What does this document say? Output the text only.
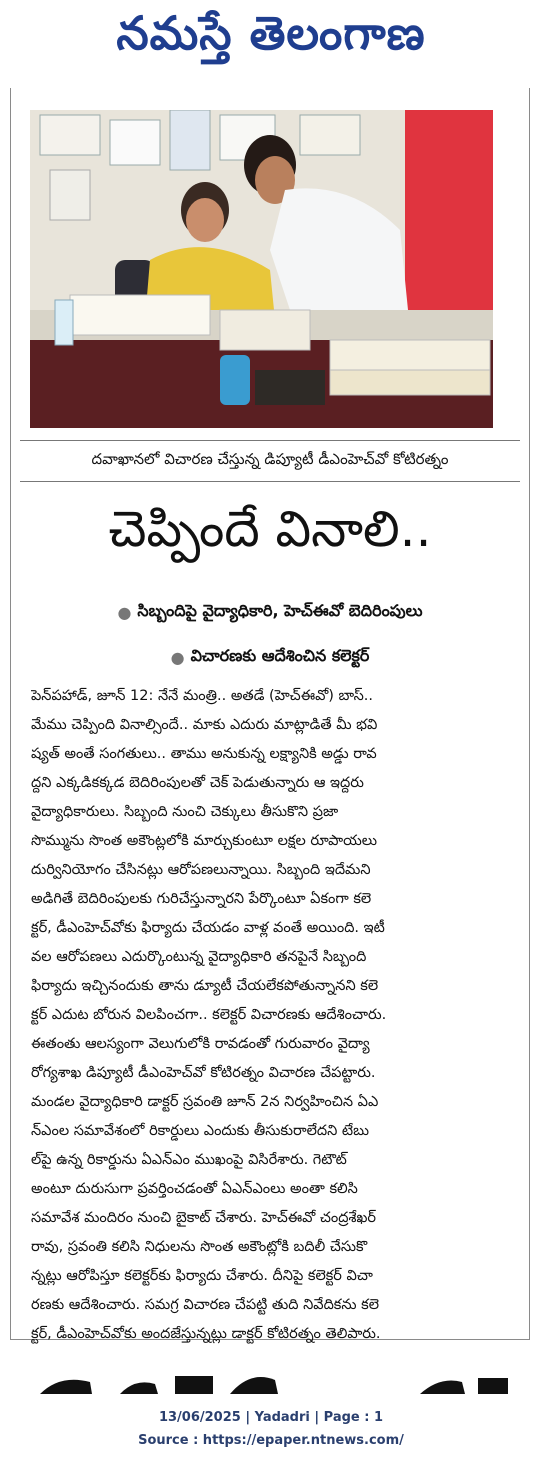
నమస్తే తెలంగాణ
దవాఖానలో విచారణ చేస్తున్న డిప్యూటీ డీఎంహెచ్‌వో కోటిరత్నం
చెప్పిందే వినాలి..
● సిబ్బందిపై వైద్యాధికారి, హెచ్‌ఈవో బెదిరింపులు
● విచారణకు ఆదేశించిన కలెక్టర్
పెన్‌పహాడ్, జూన్ 12: నేనే మంత్రి.. అతడే (హెచ్‌ఈవో) బాస్..
మేము చెప్పింది వినాల్సిందే.. మాకు ఎదురు మాట్లాడితే మీ భవి
ష్యత్ అంతే సంగతులు.. తాము అనుకున్న లక్ష్యానికి అడ్డు రావ
ద్దని ఎక్కడికక్కడ బెదిరింపులతో చెక్ పెడుతున్నారు ఆ ఇద్దరు
వైద్యాధికారులు. సిబ్బంది నుంచి చెక్కులు తీసుకొని ప్రజా
సొమ్మును సొంత అకౌంట్లలోకి మార్చుకుంటూ లక్షల రూపాయలు
దుర్వినియోగం చేసినట్లు ఆరోపణలున్నాయి. సిబ్బంది ఇదేమని
అడిగితే బెదిరింపులకు గురిచేస్తున్నారని పేర్కొంటూ ఏకంగా కలె
క్టర్, డీఎంహెచ్‌వోకు ఫిర్యాదు చేయడం వాళ్ల వంతే అయింది. ఇటీ
వల ఆరోపణలు ఎదుర్కొంటున్న వైద్యాధికారి తనపైనే సిబ్బంది
ఫిర్యాదు ఇచ్చినందుకు తాను డ్యూటీ చేయలేకపోతున్నానని కలె
క్టర్ ఎదుట బోరున విలపించగా.. కలెక్టర్ విచారణకు ఆదేశించారు.
ఈతంతు ఆలస్యంగా వెలుగులోకి రావడంతో గురువారం వైద్యా
రోగ్యశాఖ డిప్యూటీ డీఎంహెచ్‌వో కోటిరత్నం విచారణ చేపట్టారు.
మండల వైద్యాధికారి డాక్టర్ స్రవంతి జూన్ 2న నిర్వహించిన ఏఎ
న్ఎంల సమావేశంలో రికార్డులు ఎందుకు తీసుకురాలేదని టేబు
ల్‌పై ఉన్న రికార్డును ఏఎన్ఎం ముఖంపై విసిరేశారు. గెటౌట్
అంటూ దురుసుగా ప్రవర్తించడంతో ఏఎన్ఎంలు అంతా కలిసి
సమావేశ మందిరం నుంచి బైకాట్ చేశారు. హెచ్‌ఈవో చంద్రశేఖర్
రావు, స్రవంతి కలిసి నిధులను సొంత అకౌంట్లోకి బదిలీ చేసుకొ
న్నట్లు ఆరోపిస్తూ కలెక్టర్‌కు ఫిర్యాదు చేశారు. దీనిపై కలెక్టర్ విచా
రణకు ఆదేశించారు. సమగ్ర విచారణ చేపట్టి తుది నివేదికను కలె
క్టర్, డీఎంహెచ్‌వోకు అందజేస్తున్నట్లు డాక్టర్ కోటిరత్నం తెలిపారు.
13/06/2025 | Yadadri | Page : 1
Source : https://epaper.ntnews.com/
